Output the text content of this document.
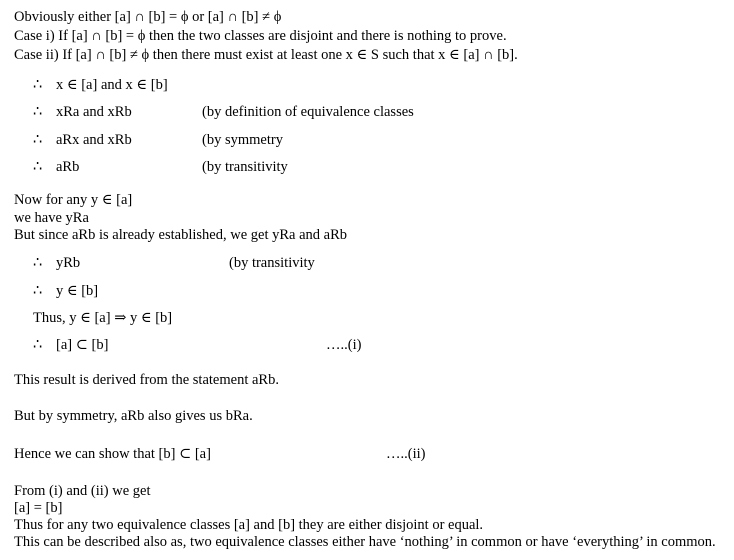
Obviously either [a] ∩ [b] = ϕ or [a] ∩ [b] ≠ ϕ
Case i) If [a] ∩ [b] = ϕ then the two classes are disjoint and there is nothing to prove.
Case ii) If [a] ∩ [b] ≠ ϕ then there must exist at least one x ∈ S such that x ∈ [a] ∩ [b].
∴ x ∈ [a] and x ∈ [b]
∴ xRa and xRb	(by definition of equivalence classes
∴ aRx and xRb	(by symmetry
∴ aRb	(by transitivity
Now for any y ∈ [a]
we have yRa
But since aRb is already established, we get yRa and aRb
∴ yRb	(by transitivity
∴ y ∈ [b]
Thus, y ∈ [a] ⇒ y ∈ [b]
∴ [a] ⊂ [b]	…..(i)
This result is derived from the statement aRb.
But by symmetry, aRb also gives us bRa.
Hence we can show that [b] ⊂ [a]	…..(ii)
From (i) and (ii) we get
[a] = [b]
Thus for any two equivalence classes [a] and [b] they are either disjoint or equal.
This can be described also as, two equivalence classes either have ‘nothing’ in common or have ‘everything’ in common.
